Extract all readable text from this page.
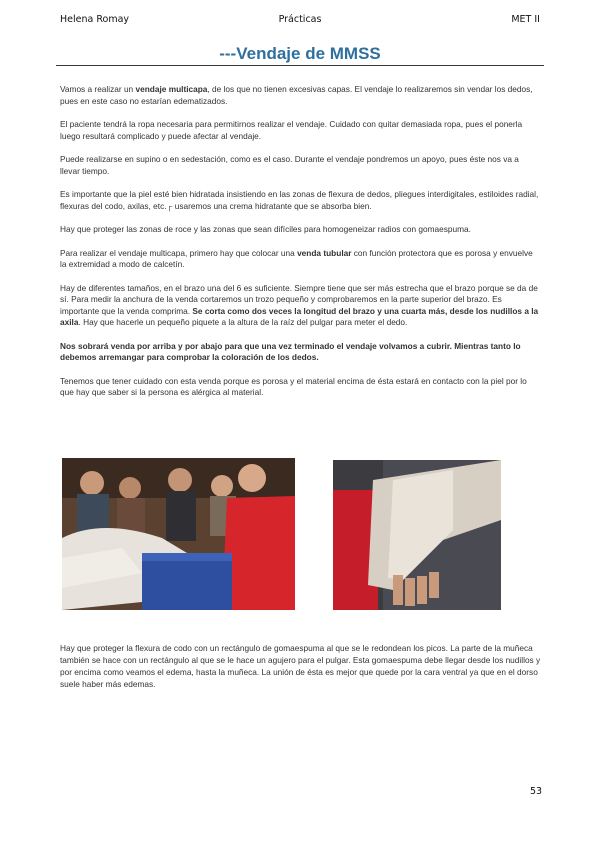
Helena Romay	Prácticas	MET II
---Vendaje de MMSS

Vamos a realizar un vendaje multicapa, de los que no tienen excesivas capas. El vendaje lo realizaremos sin vendar los dedos, pues en este caso no estarían edematizados.

El paciente tendrá la ropa necesaria para permitirnos realizar el vendaje. Cuidado con quitar demasiada ropa, pues el ponerla luego resultará complicado y puede afectar al vendaje.

Puede realizarse en supino o en sedestación, como es el caso. Durante el vendaje pondremos un apoyo, pues éste nos va a llevar tiempo.

Es importante que la piel esté bien hidratada insistiendo en las zonas de flexura de dedos, pliegues interdigitales, estiloides radial, flexuras del codo, axilas, etc.┌ usaremos una crema hidratante que se absorba bien.

Hay que proteger las zonas de roce y las zonas que sean difíciles para homogeneizar radios con gomaespuma.

Para realizar el vendaje multicapa, primero hay que colocar una venda tubular con función protectora que es porosa y envuelve la extremidad a modo de calcetín.

Hay de diferentes tamaños, en el brazo una del 6 es suficiente. Siempre tiene que ser más estrecha que el brazo porque se da de sí. Para medir la anchura de la venda cortaremos un trozo pequeño y comprobaremos en la parte superior del brazo. Es importante que la venda comprima. Se corta como dos veces la longitud del brazo y una cuarta más, desde los nudillos a la axila. Hay que hacerle un pequeño piquete a la altura de la raíz del pulgar para meter el dedo.

Nos sobrará venda por arriba y por abajo para que una vez terminado el vendaje volvamos a cubrir. Mientras tanto lo debemos arremangar para comprobar la coloración de los dedos.

Tenemos que tener cuidado con esta venda porque es porosa y el material encima de ésta estará en contacto con la piel por lo que hay que saber si la persona es alérgica al material.

Hay que proteger la flexura de codo con un rectángulo de gomaespuma al que se le redondean los picos. La parte de la muñeca también se hace con un rectángulo al que se le hace un agujero para el pulgar. Esta gomaespuma debe llegar desde los nudillos y por encima como veamos el edema, hasta la muñeca. La unión de ésta es mejor que quede por la cara ventral ya que en el dorso suele haber más edemas.
53
